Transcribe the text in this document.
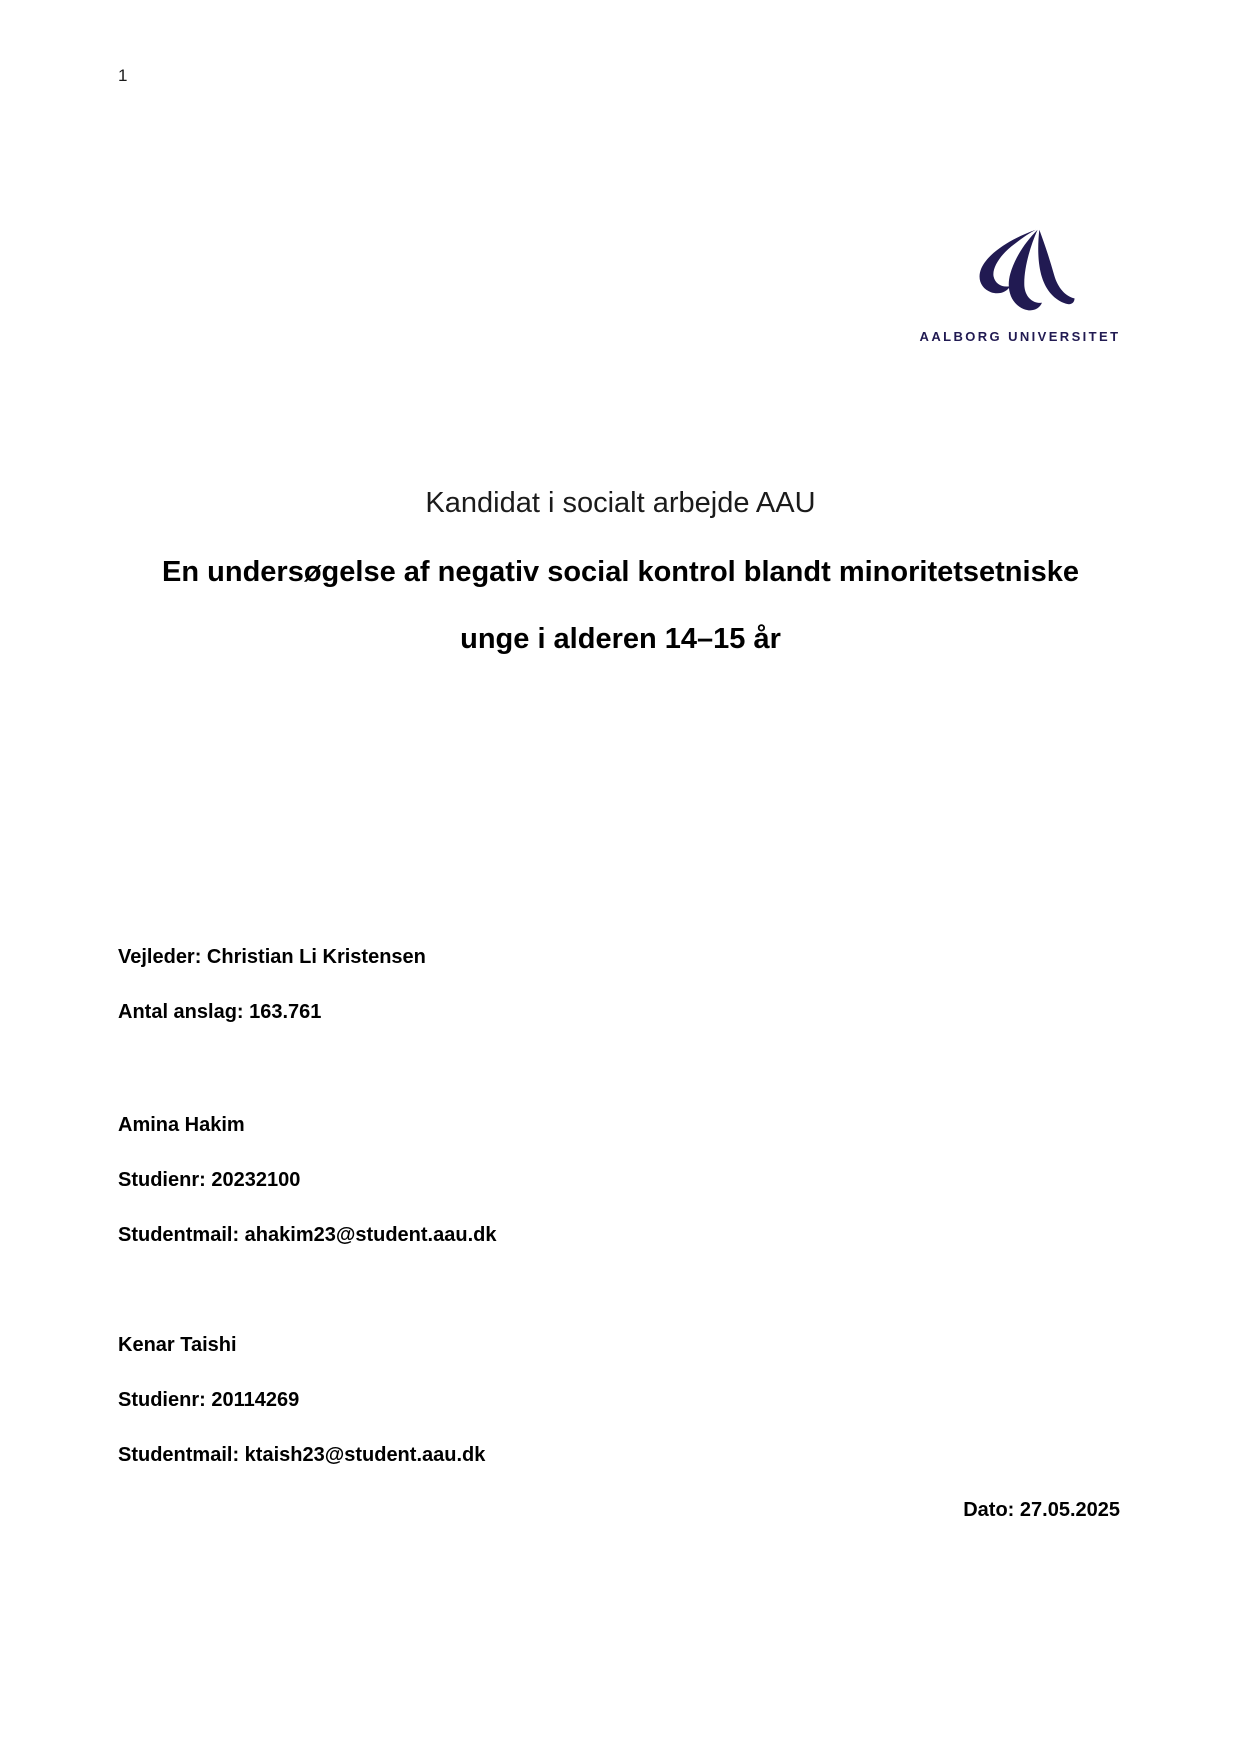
1
AALBORG UNIVERSITET
Kandidat i socialt arbejde AAU
En undersøgelse af negativ social kontrol blandt minoritetsetniske
unge i alderen 14–15 år
Vejleder: Christian Li Kristensen
Antal anslag: 163.761
Amina Hakim
Studienr: 20232100
Studentmail: ahakim23@student.aau.dk
Kenar Taishi
Studienr: 20114269
Studentmail: ktaish23@student.aau.dk
Dato: 27.05.2025
